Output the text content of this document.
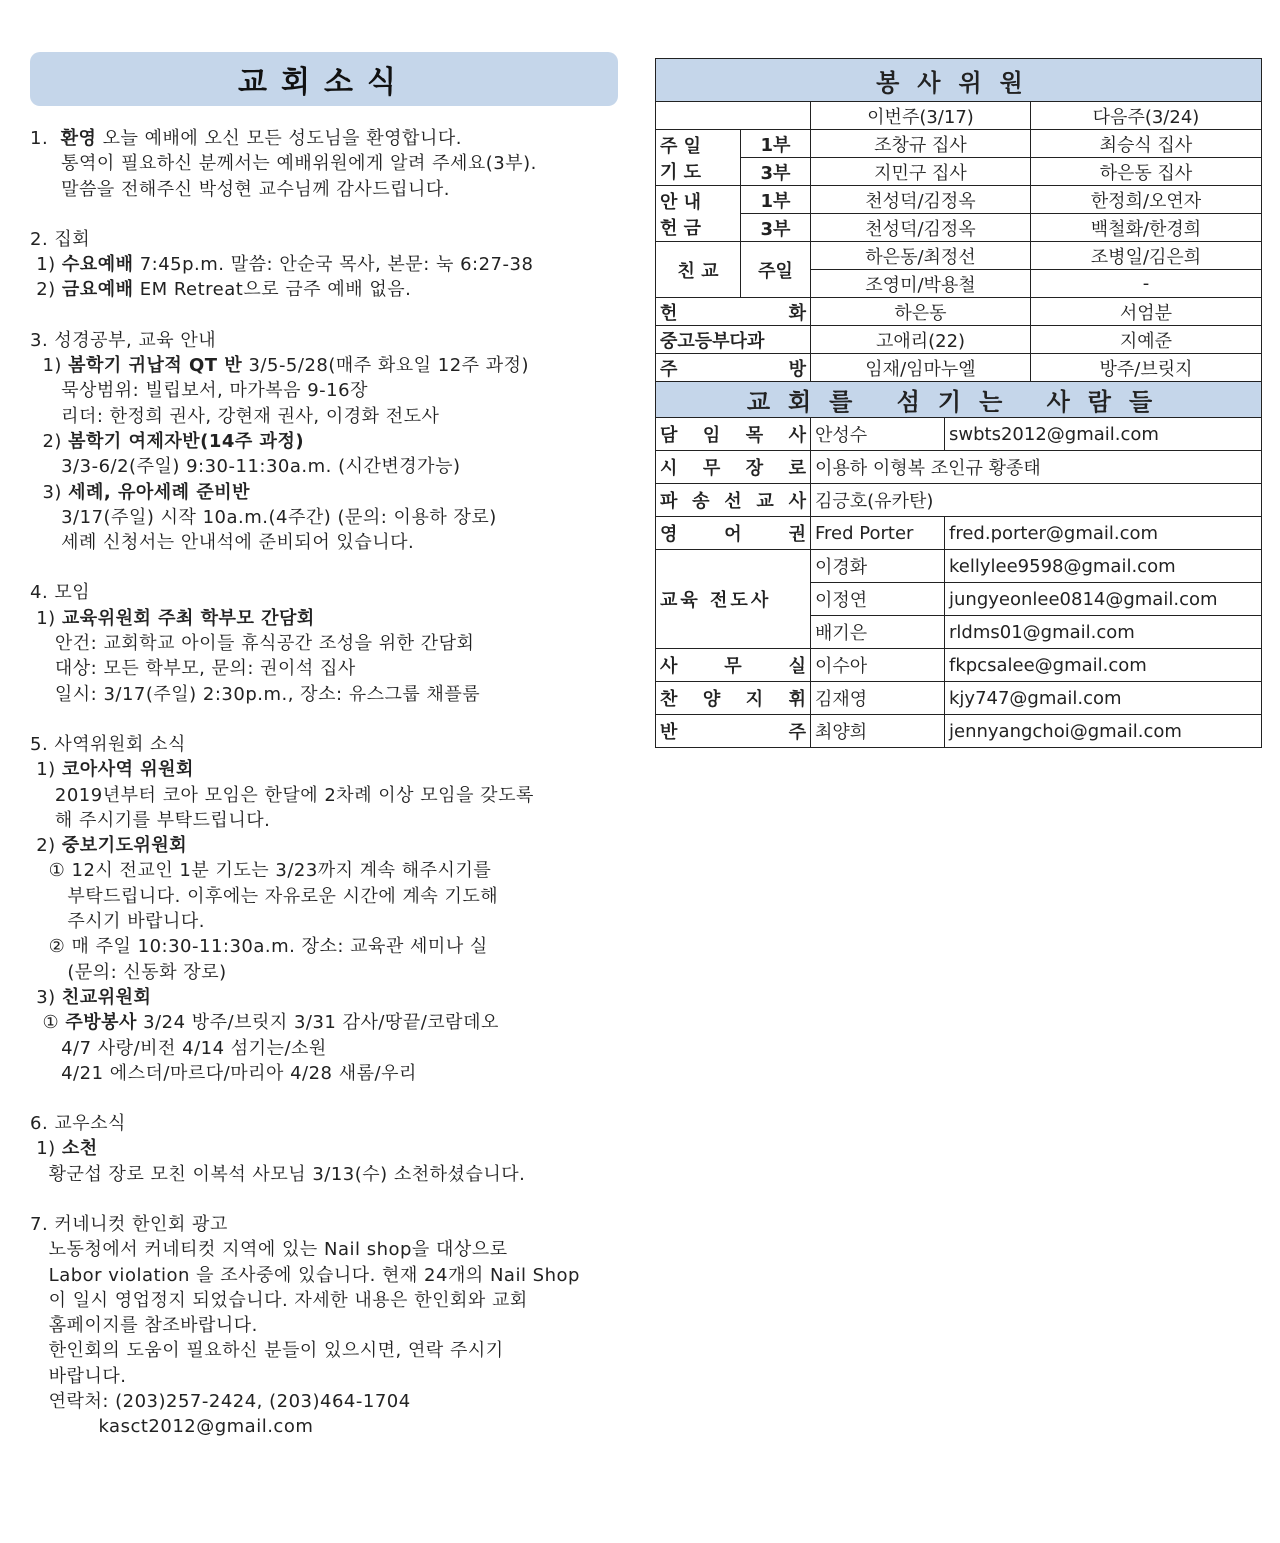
교회소식
1.  환영 오늘 예배에 오신 모든 성도님을 환영합니다.
통역이 필요하신 분께서는 예배위원에게 알려 주세요(3부).
말씀을 전해주신 박성현 교수님께 감사드립니다.
2. 집회
1) 수요예배 7:45p.m. 말씀: 안순국 목사, 본문: 눅 6:27-38
2) 금요예배 EM Retreat으로 금주 예배 없음.
3. 성경공부, 교육 안내
1) 봄학기 귀납적 QT 반 3/5-5/28(매주 화요일 12주 과정)
묵상범위: 빌립보서, 마가복음 9-16장
리더: 한정희 권사, 강현재 권사, 이경화 전도사
2) 봄학기 여제자반(14주 과정)
3/3-6/2(주일) 9:30-11:30a.m. (시간변경가능)
3) 세례, 유아세례 준비반
3/17(주일) 시작 10a.m.(4주간) (문의: 이용하 장로)
세례 신청서는 안내석에 준비되어 있습니다.
4. 모임
1) 교육위원회 주최 학부모 간담회
안건: 교회학교 아이들 휴식공간 조성을 위한 간담회
대상: 모든 학부모, 문의: 권이석 집사
일시: 3/17(주일) 2:30p.m., 장소: 유스그룹 채플룸
5. 사역위원회 소식
1) 코아사역 위원회
2019년부터 코아 모임은 한달에 2차례 이상 모임을 갖도록
해 주시기를 부탁드립니다.
2) 중보기도위원회
① 12시 전교인 1분 기도는 3/23까지 계속 해주시기를
부탁드립니다. 이후에는 자유로운 시간에 계속 기도해
주시기 바랍니다.
② 매 주일 10:30-11:30a.m. 장소: 교육관 세미나 실
(문의: 신동화 장로)
3) 친교위원회
① 주방봉사 3/24 방주/브릿지 3/31 감사/땅끝/코람데오
4/7 사랑/비전 4/14 섬기는/소원
4/21 에스더/마르다/마리아 4/28 새롬/우리
6. 교우소식
1) 소천
황군섭 장로 모친 이복석 사모님 3/13(수) 소천하셨습니다.
7. 커네니컷 한인회 광고
노동청에서 커네티컷 지역에 있는 Nail shop을 대상으로
Labor violation 을 조사중에 있습니다. 현재 24개의 Nail Shop
이 일시 영업정지 되었습니다. 자세한 내용은 한인회와 교회
홈페이지를 참조바랍니다.
한인회의 도움이 필요하신 분들이 있으시면, 연락 주시기
바랍니다.
연락처: (203)257-2424, (203)464-1704
kasct2012@gmail.com
봉사위원			
		이번주(3/17)	다음주(3/24)

주 일
기 도	1부	조창규 집사	최승식 집사
	3부	지민구 집사	하은동 집사

안 내
헌 금	1부	천성덕/김정옥	한정희/오연자
	3부	천성덕/김정옥	백철화/한경희
친 교	주일	하은동/최정선	조병일/김은희
		조영미/박용철	-

헌 화		하은동	서엄분
중고등부다과		고애리(22)	지예준

주 방		임재/임마누엘	방주/브릿지
교회를 섬기는 사람들		

담 임 목 사	안성수	swbts2012@gmail.com

시 무 장 로	이용하 이형복 조인규 황종태	

파 송 선 교 사	김긍호(유카탄)	

영 어 권	Fred Porter	fred.porter@gmail.com
교육 전도사	이경화	kellylee9598@gmail.com
	이정연	jungyeonlee0814@gmail.com
	배기은	rldms01@gmail.com

사 무 실	이수아	fkpcsalee@gmail.com

찬 양 지 휘	김재영	kjy747@gmail.com

반 주	최양희	jennyangchoi@gmail.com
